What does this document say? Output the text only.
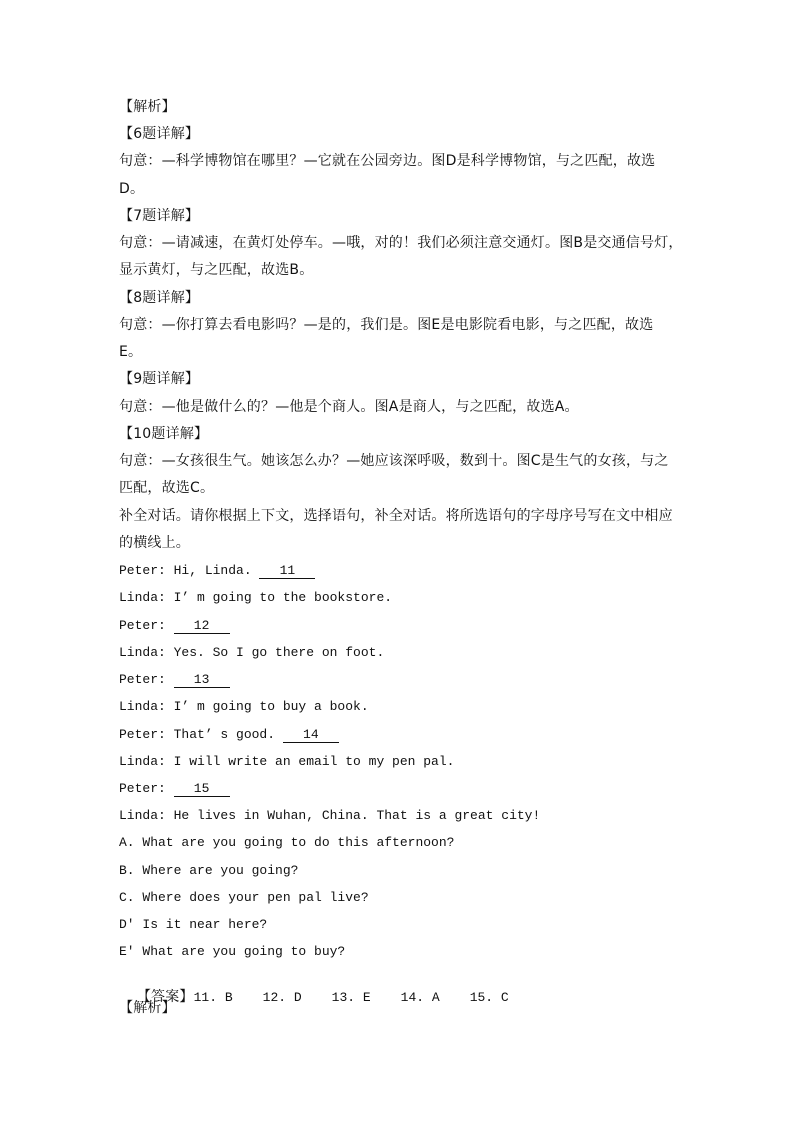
【解析】
【6题详解】
句意：—科学博物馆在哪里？—它就在公园旁边。图D是科学博物馆，与之匹配，故选
D。
【7题详解】
句意：—请减速，在黄灯处停车。—哦，对的！我们必须注意交通灯。图B是交通信号灯，
显示黄灯，与之匹配，故选B。
【8题详解】
句意：—你打算去看电影吗？—是的，我们是。图E是电影院看电影，与之匹配，故选
E。
【9题详解】
句意：—他是做什么的？—他是个商人。图A是商人，与之匹配，故选A。
【10题详解】
句意：—女孩很生气。她该怎么办？—她应该深呼吸，数到十。图C是生气的女孩，与之
匹配，故选C。
补全对话。请你根据上下文，选择语句，补全对话。将所选语句的字母序号写在文中相应
的横线上。
Peter: Hi, Linda. 11
Linda: I’ m going to the bookstore.
Peter: 12
Linda: Yes. So I go there on foot.
Peter: 13
Linda: I’ m going to buy a book.
Peter: That’ s good. 14
Linda: I will write an email to my pen pal.
Peter: 15
Linda: He lives in Wuhan, China. That is a great city!
A. What are you going to do this afternoon?
B. Where are you going?
C. Where does your pen pal live?
D' Is it near here?
E' What are you going to buy?

【答案】11. B 12. D 13. E 14. A 15. C

【解析】
